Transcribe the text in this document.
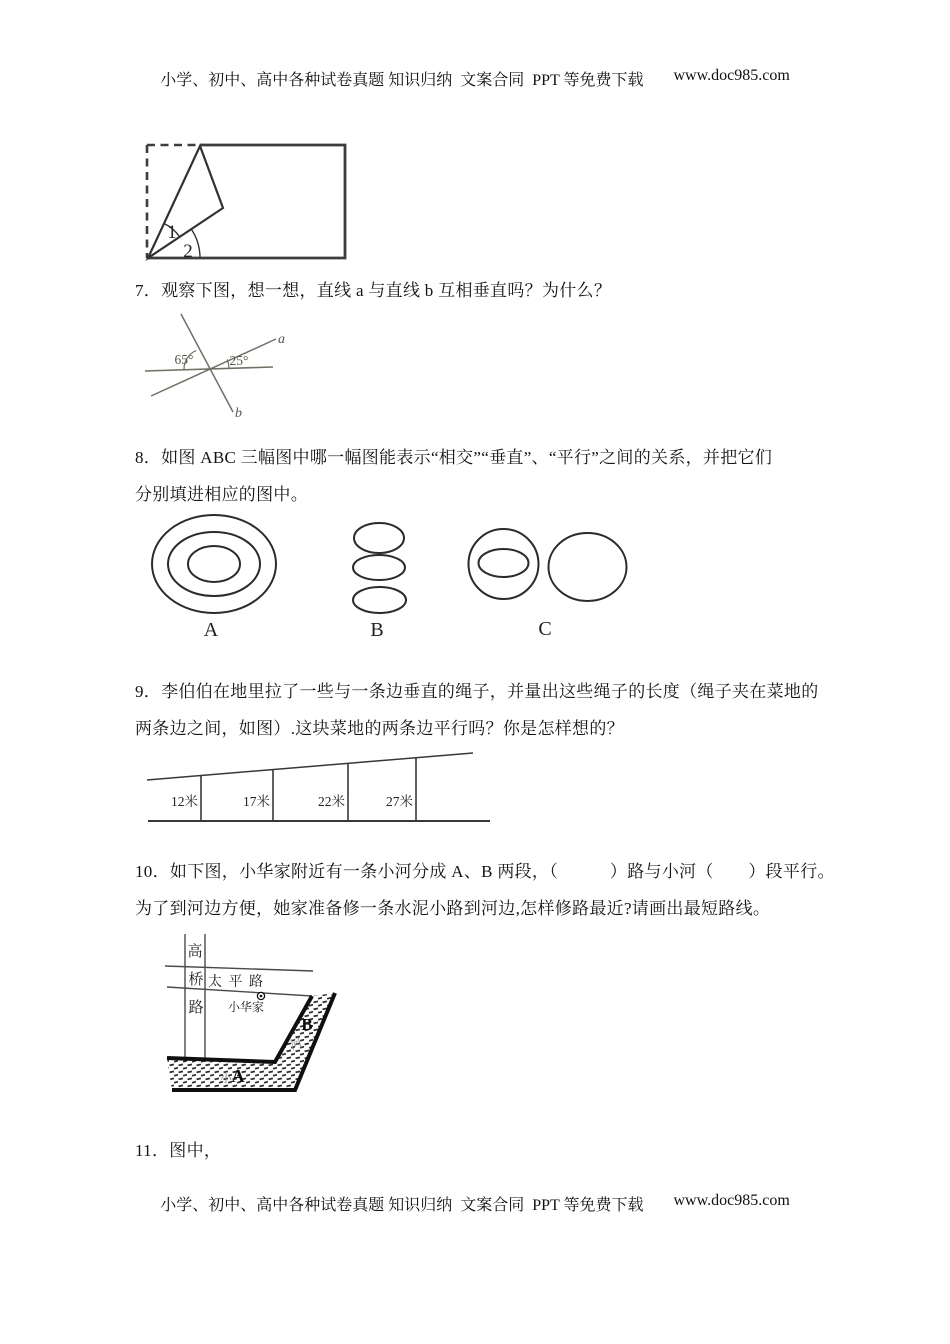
小学、初中、高中各种试卷真题 知识归纳  文案合同  PPT 等免费下载 www.doc985.com
1
2
7．观察下图，想一想，直线 a 与直线 b 互相垂直吗？为什么？
65°	25°
a
b
8．如图 ABC 三幅图中哪一幅图能表示“相交”“垂直”、“平行”之间的关系，并把它们
分别填进相应的图中。
A	B	C
9．李伯伯在地里拉了一些与一条边垂直的绳子，并量出这些绳子的长度（绳子夹在菜地的
两条边之间，如图）.这块菜地的两条边平行吗？你是怎样想的？
12米	17米	22米	27米
10．如下图，小华家附近有一条小河分成 A、B 两段，（　　　）路与小河（　　）段平行。
为了到河边方便，她家准备修一条水泥小路到河边,怎样修路最近?请画出最短路线。
高
桥
路
太 平 路
小华家
B
A
河
小
11．图中，
小学、初中、高中各种试卷真题 知识归纳  文案合同  PPT 等免费下载 www.doc985.com
